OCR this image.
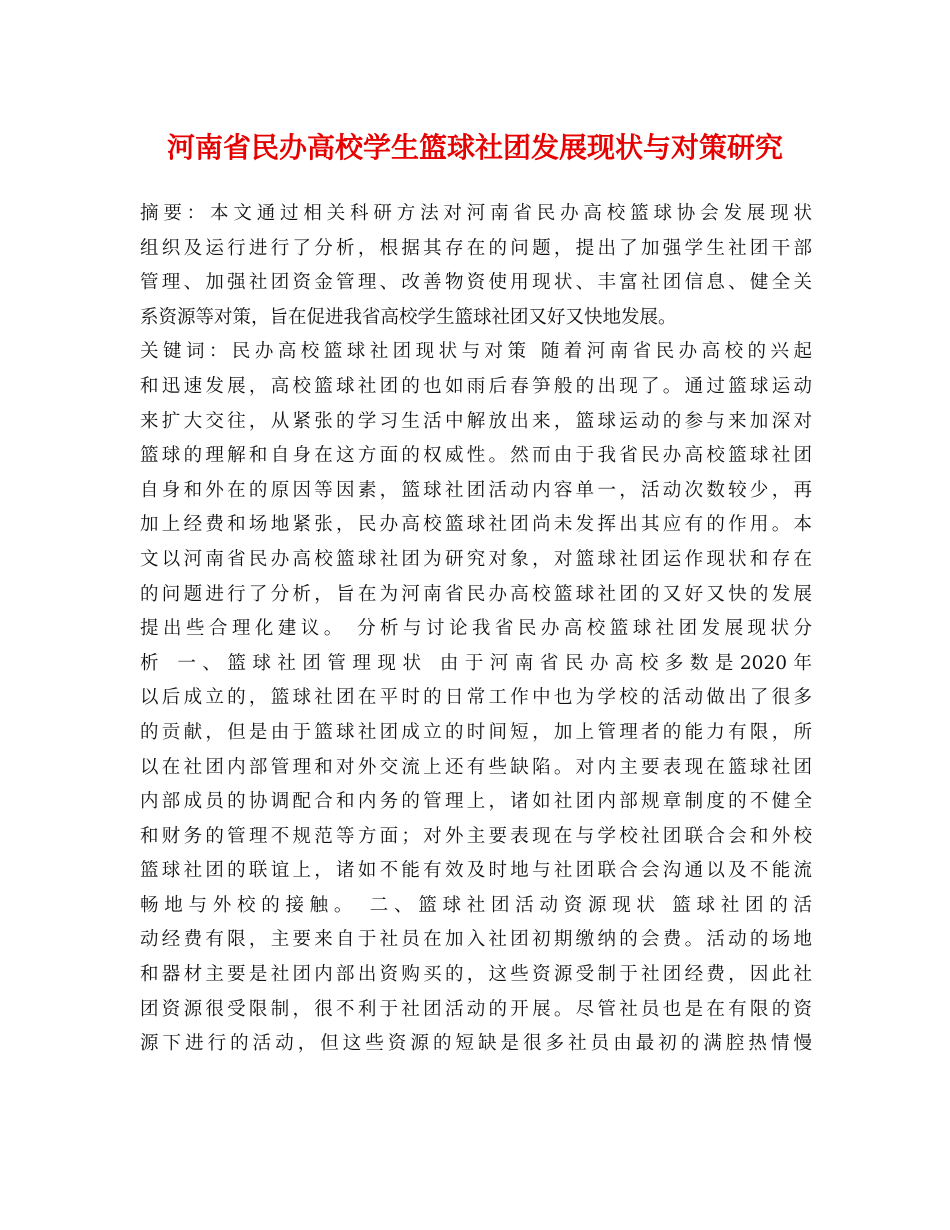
河南省民办高校学生篮球社团发展现状与对策研究
摘要：本文通过相关科研方法对河南省民办高校篮球协会发展现状
组织及运行进行了分析，根据其存在的问题，提出了加强学生社团干部
管理、加强社团资金管理、改善物资使用现状、丰富社团信息、健全关
系资源等对策，旨在促进我省高校学生篮球社团又好又快地发展。
关键词：民办高校篮球社团现状与对策 随着河南省民办高校的兴起
和迅速发展，高校篮球社团的也如雨后春笋般的出现了。通过篮球运动
来扩大交往，从紧张的学习生活中解放出来，篮球运动的参与来加深对
篮球的理解和自身在这方面的权威性。然而由于我省民办高校篮球社团
自身和外在的原因等因素，篮球社团活动内容单一，活动次数较少，再
加上经费和场地紧张，民办高校篮球社团尚未发挥出其应有的作用。本
文以河南省民办高校篮球社团为研究对象，对篮球社团运作现状和存在
的问题进行了分析，旨在为河南省民办高校篮球社团的又好又快的发展
提出些合理化建议。 分析与讨论我省民办高校篮球社团发展现状分
析 一、篮球社团管理现状 由于河南省民办高校多数是2020年
以后成立的，篮球社团在平时的日常工作中也为学校的活动做出了很多
的贡献，但是由于篮球社团成立的时间短，加上管理者的能力有限，所
以在社团内部管理和对外交流上还有些缺陷。对内主要表现在篮球社团
内部成员的协调配合和内务的管理上，诸如社团内部规章制度的不健全
和财务的管理不规范等方面；对外主要表现在与学校社团联合会和外校
篮球社团的联谊上，诸如不能有效及时地与社团联合会沟通以及不能流
畅地与外校的接触。 二、篮球社团活动资源现状 篮球社团的活
动经费有限，主要来自于社员在加入社团初期缴纳的会费。活动的场地
和器材主要是社团内部出资购买的，这些资源受制于社团经费，因此社
团资源很受限制，很不利于社团活动的开展。尽管社员也是在有限的资
源下进行的活动，但这些资源的短缺是很多社员由最初的满腔热情慢
